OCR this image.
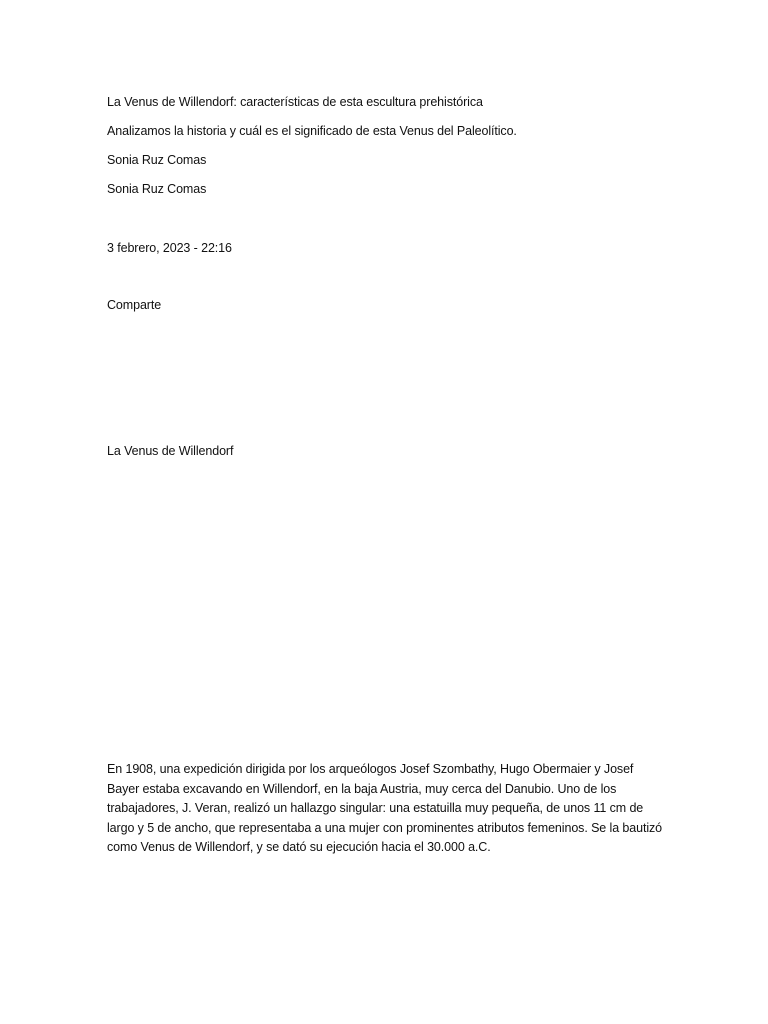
La Venus de Willendorf: características de esta escultura prehistórica
Analizamos la historia y cuál es el significado de esta Venus del Paleolítico.
Sonia Ruz Comas
Sonia Ruz Comas
3 febrero, 2023 - 22:16
Comparte
La Venus de Willendorf
En 1908, una expedición dirigida por los arqueólogos Josef Szombathy, Hugo Obermaier y Josef Bayer estaba excavando en Willendorf, en la baja Austria, muy cerca del Danubio. Uno de los trabajadores, J. Veran, realizó un hallazgo singular: una estatuilla muy pequeña, de unos 11 cm de largo y 5 de ancho, que representaba a una mujer con prominentes atributos femeninos. Se la bautizó como Venus de Willendorf, y se dató su ejecución hacia el 30.000 a.C.
